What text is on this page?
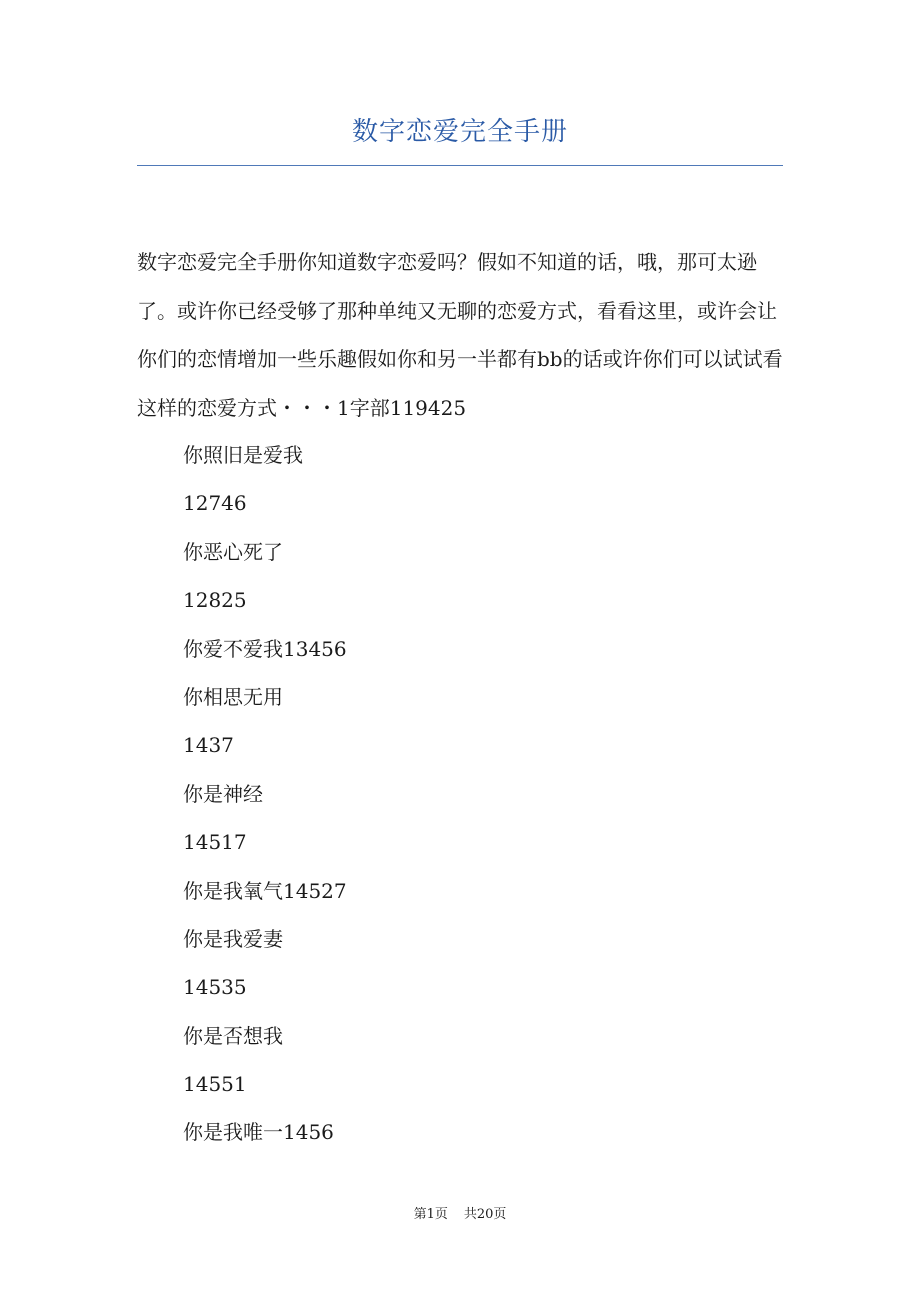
数字恋爱完全手册

数字恋爱完全手册你知道数字恋爱吗？假如不知道的话，哦，那可太逊了。或许你已经受够了那种单纯又无聊的恋爱方式，看看这里，或许会让你们的恋情增加一些乐趣假如你和另一半都有bb的话或许你们可以试试看这样的恋爱方式・・・1字部119425

你照旧是爱我
12746
你恶心死了
12825
你爱不爱我13456
你相思无用
1437
你是神经
14517
你是我氧气14527
你是我爱妻
14535
你是否想我
14551
你是我唯一1456
第1页 共20页
